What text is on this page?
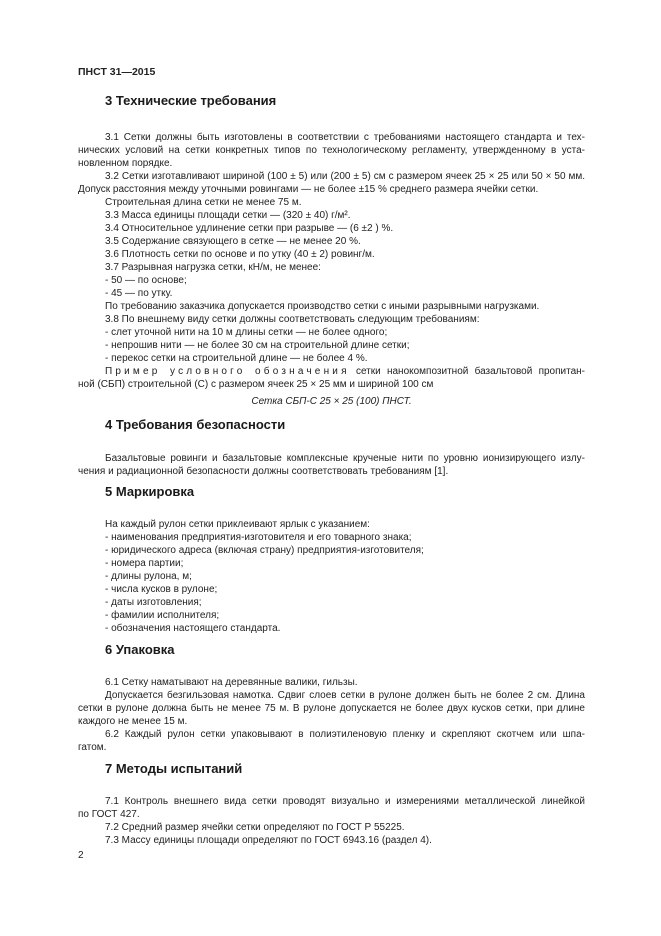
ПНСТ 31—2015
3 Технические требования
3.1 Сетки должны быть изготовлены в соответствии с требованиями настоящего стандарта и тех-
нических условий на сетки конкретных типов по технологическому регламенту, утвержденному в уста-
новленном порядке.
3.2 Сетки изготавливают шириной (100 ± 5) или (200 ± 5) см с размером ячеек 25 × 25 или 50 × 50 мм.
Допуск расстояния между уточными ровингами — не более ±15 % среднего размера ячейки сетки.
Строительная длина сетки не менее 75 м.
3.3 Масса единицы площади сетки — (320 ± 40) г/м².
3.4 Относительное удлинение сетки при разрыве — (6 ±2 ) %.
3.5 Содержание связующего в сетке — не менее 20 %.
3.6 Плотность сетки по основе и по утку (40 ± 2) ровинг/м.
3.7 Разрывная нагрузка сетки, кН/м, не менее:
- 50 — по основе;
- 45 — по утку.
По требованию заказчика допускается производство сетки с иными разрывными нагрузками.
3.8 По внешнему виду сетки должны соответствовать следующим требованиям:
- слет уточной нити на 10 м длины сетки — не более одного;
- непрошив нити — не более 30 см на строительной длине сетки;
- перекос сетки на строительной длине — не более 4 %.
Пример условного обозначения сетки нанокомпозитной базальтовой пропитан-
ной (СБП) строительной (С) с размером ячеек 25 × 25 мм и шириной 100 см
Сетка СБП-С 25 × 25 (100) ПНСТ.
4 Требования безопасности
Базальтовые ровинги и базальтовые комплексные крученые нити по уровню ионизирующего излу-
чения и радиационной безопасности должны соответствовать требованиям [1].
5 Маркировка
На каждый рулон сетки приклеивают ярлык с указанием:
- наименования предприятия-изготовителя и его товарного знака;
- юридического адреса (включая страну) предприятия-изготовителя;
- номера партии;
- длины рулона, м;
- числа кусков в рулоне;
- даты изготовления;
- фамилии исполнителя;
- обозначения настоящего стандарта.
6 Упаковка
6.1 Сетку наматывают на деревянные валики, гильзы.
Допускается безгильзовая намотка. Сдвиг слоев сетки в рулоне должен быть не более 2 см. Длина
сетки в рулоне должна быть не менее 75 м. В рулоне допускается не более двух кусков сетки, при длине
каждого не менее 15 м.
6.2 Каждый рулон сетки упаковывают в полиэтиленовую пленку и скрепляют скотчем или шпа-
гатом.
7 Методы испытаний
7.1 Контроль внешнего вида сетки проводят визуально и измерениями металлической линейкой
по ГОСТ 427.
7.2 Средний размер ячейки сетки определяют по ГОСТ Р 55225.
7.3 Массу единицы площади определяют по ГОСТ 6943.16 (раздел 4).
2
